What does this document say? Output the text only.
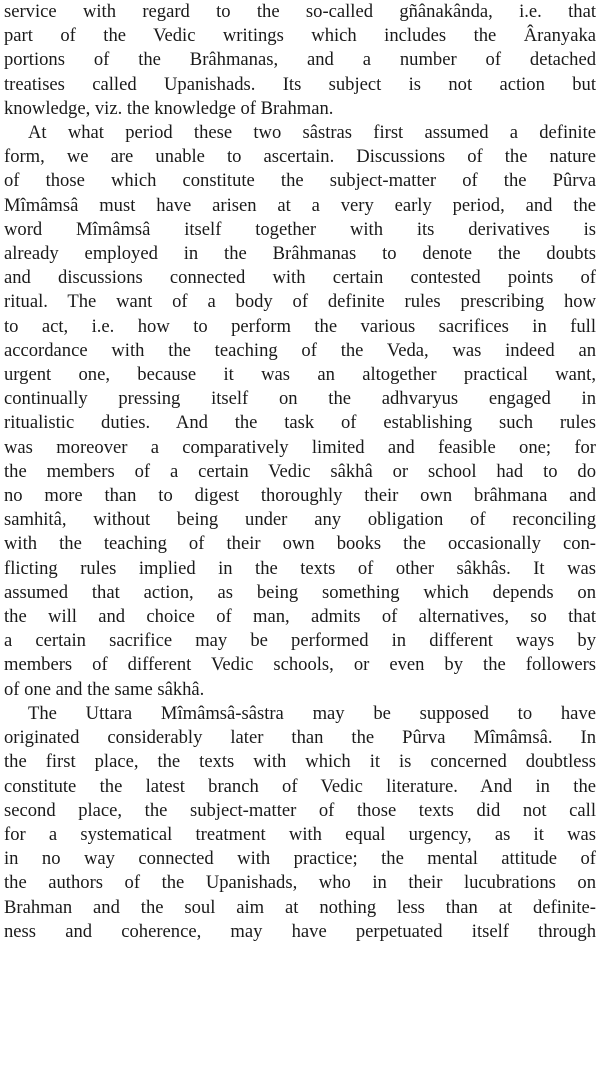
service with regard to the so-called gñânakânda, i.e. that
part of the Vedic writings which includes the Âranyaka
portions of the Brâhmanas, and a number of detached
treatises called Upanishads. Its subject is not action but
knowledge, viz. the knowledge of Brahman.
At what period these two sâstras first assumed a definite
form, we are unable to ascertain. Discussions of the nature
of those which constitute the subject-matter of the Pûrva
Mîmâmsâ must have arisen at a very early period, and the
word Mîmâmsâ itself together with its derivatives is
already employed in the Brâhmanas to denote the doubts
and discussions connected with certain contested points of
ritual. The want of a body of definite rules prescribing how
to act, i.e. how to perform the various sacrifices in full
accordance with the teaching of the Veda, was indeed an
urgent one, because it was an altogether practical want,
continually pressing itself on the adhvaryus engaged in
ritualistic duties. And the task of establishing such rules
was moreover a comparatively limited and feasible one; for
the members of a certain Vedic sâkhâ or school had to do
no more than to digest thoroughly their own brâhmana and
samhitâ, without being under any obligation of reconciling
with the teaching of their own books the occasionally con-
flicting rules implied in the texts of other sâkhâs. It was
assumed that action, as being something which depends on
the will and choice of man, admits of alternatives, so that
a certain sacrifice may be performed in different ways by
members of different Vedic schools, or even by the followers
of one and the same sâkhâ.
The Uttara Mîmâmsâ-sâstra may be supposed to have
originated considerably later than the Pûrva Mîmâmsâ. In
the first place, the texts with which it is concerned doubtless
constitute the latest branch of Vedic literature. And in the
second place, the subject-matter of those texts did not call
for a systematical treatment with equal urgency, as it was
in no way connected with practice; the mental attitude of
the authors of the Upanishads, who in their lucubrations on
Brahman and the soul aim at nothing less than at definite-
ness and coherence, may have perpetuated itself through
